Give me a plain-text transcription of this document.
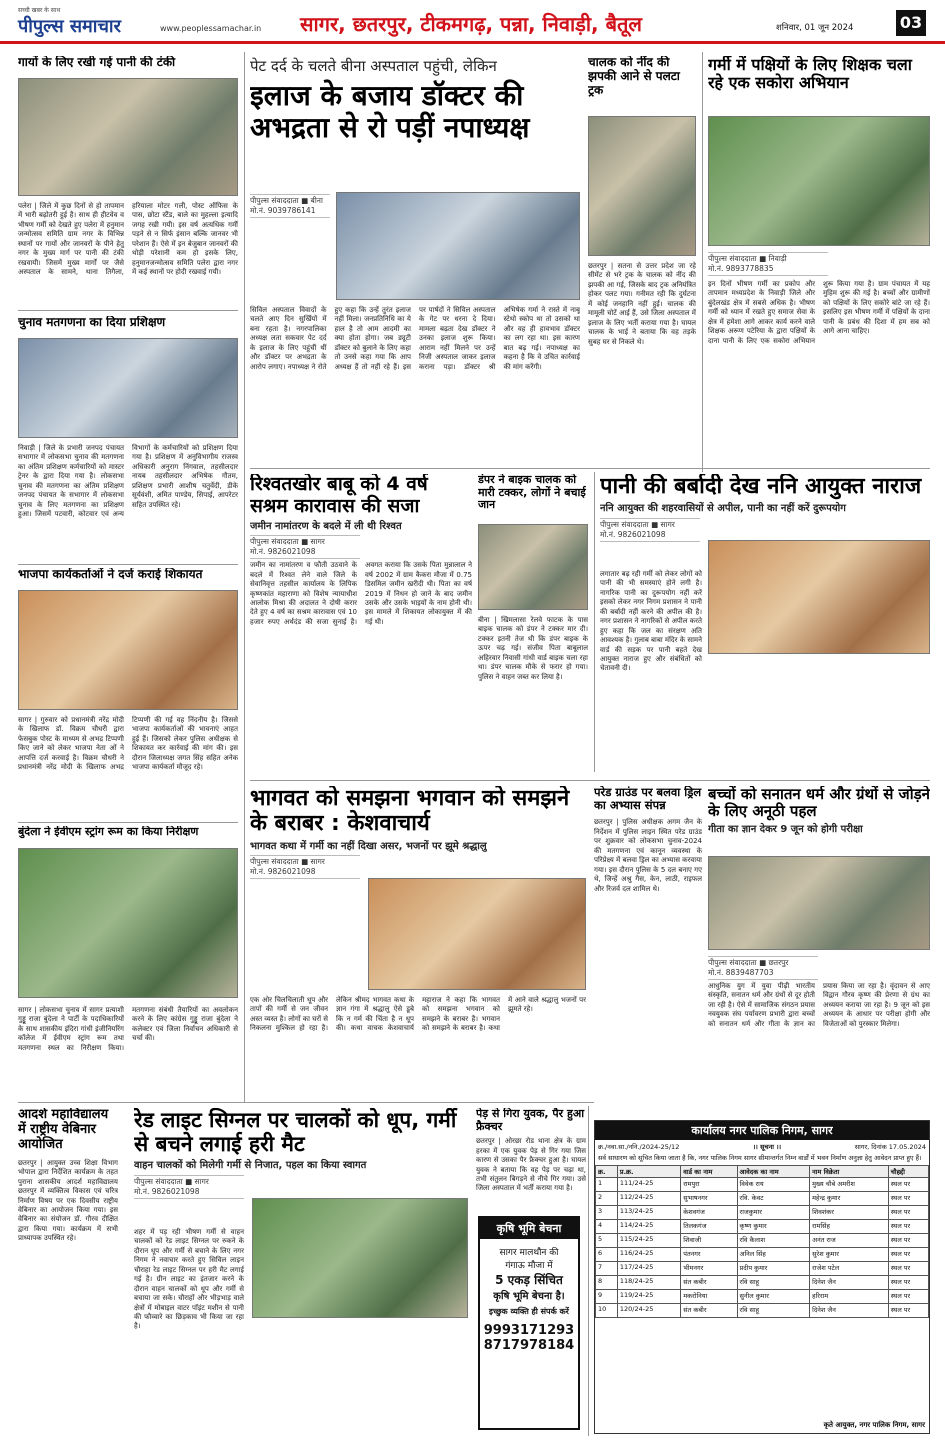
सच्ची खबर के साथ
पीपुल्स समाचार	www.peoplessamachar.in सागर, छतरपुर, टीकमगढ़, पन्ना, निवाड़ी, बैतूल	शनिवार, 01 जून 2024	03
गायों के लिए रखी गई पानी की टंकी
पलेरा | जिले में कुछ दिनों से हो तापमान में भारी बढ़ोतरी हुई है। साथ ही हीटवेव व भीषण गर्मी को देखते हुए पलेरा में हनुमान जन्मोत्सव समिति ग्राम नगर के विभिन्न स्थानों पर गायों और जानवरों के पीने हेतु नगर के मुख्य मार्ग पर पानी की टंकी रखवायी। जिसमें मुख्य मार्गों पर जैसे अस्पताल के सामने, थाना तिगैला, हरियाला मोटर गली, पोस्ट ऑफिस के पास, छोटा स्टैंड, बाले का मुहल्ला इत्यादि जगह रखी गयी। इस वर्ष अत्यधिक गर्मी पड़ने से न सिर्फ इंसान बल्कि जानवर भी परेशान हैं। ऐसे में इन बेजुबान जानवरों की थोड़ी परेशानी कम हो इसके लिए, हनुमानजन्मोत्सव समिति पलेरा द्वारा नगर में कई स्थानों पर होदी रखवाई गयी।
चुनाव मतगणना का दिया प्रशिक्षण
निवाड़ी | जिले के प्रभारी जनपद पंचायत सभागार में लोकसभा चुनाव की मतगणना का अंतिम प्रशिक्षण कर्मचारियों को मास्टर ट्रेनर के द्वारा दिया गया है। लोकसभा चुनाव की मतगणना का अंतिम प्रशिक्षण जनपद पंचायत के सभागार में लोकसभा चुनाव के लिए मतगणना का प्रशिक्षण हुआ। जिसमें पटवारी, कोटवार एवं अन्य विभागों के कर्मचारियों को प्रशिक्षण दिया गया है। प्रशिक्षण में अनुविभागीय राजस्व अधिकारी अनुराग निंगवाल, तहसीलदार नायब तहसीलदार अभिषेक गौतम, प्रशिक्षण प्रभारी आशीष चतुर्वेदी, डीके सूर्यवंशी, अमित पाण्डेय, सिपाई, आपरेटर सहित उपस्थित रहे।
भाजपा कार्यकर्ताओं ने दर्ज कराई शिकायत
सागर | गुरुवार को प्रधानमंत्री नरेंद्र मोदी के खिलाफ डॉ. विक्रम चौधरी द्वारा फेसबुक पोस्ट के माध्यम से अभद्र टिप्पणी किए जाने को लेकर भाजपा नेता ओं ने आपत्ति दर्ज करवाई है। विक्रम चौधरी ने प्रधानमंत्री नरेंद्र मोदी के खिलाफ अभद्र टिप्पणी की गई वह निंदनीय है। जिससे भाजपा कार्यकर्ताओं की भावनाएं आहत हुई हैं। जिसको लेकर पुलिस अधीक्षक से शिकायत कर कार्रवाई की मांग की। इस दौरान जिलाध्यक्ष जगत सिंह सहित अनेक भाजपा कार्यकर्ता मौजूद रहे।
बुंदेला ने ईवीएम स्ट्रांग रूम का किया निरीक्षण
सागर | लोकसभा चुनाव में सागर प्रत्याशी गुड्डू राजा बुंदेला ने पार्टी के पदाधिकारियों के साथ शासकीय इंदिरा गांधी इंजीनियरिंग कॉलेज में ईवीएम स्ट्रांग रूम तथा मतगणना स्थल का निरीक्षण किया। मतगणना संबंधी तैयारियों का अवलोकन करने के लिए कांग्रेस गुड्डू राजा बुंदेला ने कलेक्टर एवं जिला निर्वाचन अधिकारी से चर्चा की।
आदर्श महाविद्यालय में राष्ट्रीय वेबिनार आयोजित
छतरपुर | आयुक्त उच्च शिक्षा विभाग भोपाल द्वारा निर्देशित कार्यक्रम के तहत पुराना शासकीय आदर्श महाविद्यालय छतरपुर में व्यक्तित्व विकास एवं चरित्र निर्माण विषय पर एक दिवसीय राष्ट्रीय वेबिनार का आयोजन किया गया। इस वेबिनार का संयोजन डॉ. गौरव दीक्षित द्वारा किया गया। कार्यक्रम में सभी प्राध्यापक उपस्थित रहे।
पेट दर्द के चलते बीना अस्पताल पहुंची, लेकिन
इलाज के बजाय डॉक्टर की अभद्रता से रो पड़ीं नपाध्यक्ष
पीपुल्स संवाददाता ■ बीना
मो.नं. 9039786141
सिविल अस्पताल विवादों के चलते आए दिन सुर्खियों में बना रहता है। नगरपालिका अध्यक्ष लता सकवार पेट दर्द के इलाज के लिए पहुंचीं थीं और डॉक्टर पर अभद्रता के आरोप लगाए। नपाध्यक्ष ने रोते हुए कहा कि उन्हें तुरंत इलाज नहीं मिला। जनप्रतिनिधि का ये हाल है तो आम आदमी का क्या होता होगा। जब ड्यूटी डॉक्टर को बुलाने के लिए कहा तो उनसे कहा गया कि आप अध्यक्ष हैं तो नहीं रहे हैं। इस पर पार्षदों ने सिविल अस्पताल के गेट पर धरना दे दिया। मामला बढ़ता देख डॉक्टर ने उनका इलाज शुरू किया। आराम नहीं मिलने पर उन्हें निजी अस्पताल जाकर इलाज कराना पड़ा। डॉक्टर श्री अभिषेक गर्मा ने रास्ते में नाबू स्टेथो स्कोप था तो उसको था और वह ही हावभाव डॉक्टर का लग रहा था। इस कारण बात बढ़ गई। नपाध्यक्ष का कहना है कि वे उचित कार्रवाई की मांग करेंगी।
चालक को नींद की झपकी आने से पलटा ट्रक
छतरपुर | सतना से उत्तर प्रदेश जा रहे सीमेंट से भरे ट्रक के चालक को नींद की झपकी आ गई, जिसके बाद ट्रक अनियंत्रित होकर पलट गया। गनीमत रही कि दुर्घटना में कोई जनहानि नहीं हुई। चालक की मामूली चोटें आई हैं, उसे जिला अस्पताल में इलाज के लिए भर्ती कराया गया है। घायल चालक के भाई ने बताया कि वह तड़के सुबह घर से निकले थे।
गर्मी में पक्षियों के लिए शिक्षक चला रहे एक सकोरा अभियान
पीपुल्स संवाददाता ■ निवाड़ी
मो.नं. 9893778835
इन दिनों भीषण गर्मी का प्रकोप और तापमान मध्यप्रदेश के निवाड़ी जिले और बुंदेलखंड क्षेत्र में सबसे अधिक है। भीषण गर्मी को ध्यान में रखते हुए समाज सेवा के क्षेत्र में हमेशा आगे आकर कार्य करने वाले शिक्षक अरूण पटेरिया के द्वारा पक्षियों के दाना पानी के लिए एक सकोरा अभियान शुरू किया गया है। ग्राम पंचायत में यह मुहिम शुरू की गई है। बच्चों और ग्रामीणों को पक्षियों के लिए सकोरे बांटे जा रहे हैं। इसलिए इस भीषण गर्मी में पक्षियों के दाना पानी के प्रबंध की दिशा में हम सब को आगे आना चाहिए।
रिश्वतखोर बाबू को 4 वर्ष सश्रम कारावास की सजा
जमीन नामांतरण के बदले में ली थी रिश्वत
पीपुल्स संवाददाता ■ सागर
मो.नं. 9826021098
जमीन का नामांतरण व फौती उठवाने के बदले में रिश्वत लेने वाले जिले के सेवानिवृत्त तहसील कार्यालय के लिपिक कृष्णकांत महाराणा को विशेष न्यायाधीश आलोक मिश्रा की अदालत ने दोषी करार देते हुए 4 वर्ष का सश्रम कारावास एवं 10 हजार रुपए अर्थदंड की सजा सुनाई है। अवगत कराया कि उसके पिता मुन्नालाल ने वर्ष 2002 में ग्राम कैकरा मौजा में 0.75 डिसमिल जमीन खरीदी थी। पिता का वर्ष 2019 में निधन हो जाने के बाद जमीन उसके और उसके भाइयों के नाम होनी थी। इस मामले में शिकायत लोकायुक्त में की गई थी।
डंपर ने बाइक चालक को मारी टक्कर, लोगों ने बचाई जान
बीना | खिमलासा रेलवे फाटक के पास बाइक चालक को डंपर ने टक्कर मार दी। टक्कर इतनी तेज थी कि डंपर बाइक के ऊपर चढ़ गई। संजीव पिता बाबूलाल अहिरवार निवासी गांधी वार्ड बाइक चला रहा था। डंपर चालक मौके से फरार हो गया। पुलिस ने वाहन जब्त कर लिया है।
पानी की बर्बादी देख ननि आयुक्त नाराज
ननि आयुक्त की शहरवासियों से अपील, पानी का नहीं करें दुरूपयोग
पीपुल्स संवाददाता ■ सागर
मो.नं. 9826021098
लगातार बढ़ रही गर्मी को लेकर लोगों को पानी की भी समस्याएं होने लगी है। नागरिक पानी का दुरूपयोग नहीं करें इसको लेकर नगर निगम प्रशासन ने पानी की बर्बादी नहीं करने की अपील की है। नगर प्रशासन ने नागरिकों से अपील करते हुए कहा कि जल का संरक्षण अति आवश्यक है। गुलाब बाबा मंदिर के सामने वार्ड की सड़क पर पानी बहते देख आयुक्त नाराज हुए और संबंधितों को चेतावनी दी।
भागवत को समझना भगवान को समझने के बराबर : केशवाचार्य
भागवत कथा में गर्मी का नहीं दिखा असर, भजनों पर झूमे श्रद्धालु
पीपुल्स संवाददाता ■ सागर
मो.नं. 9826021098
एक ओर चिलचिलाती धूप और तापों की गर्मी से जन जीवन अस्त व्यस्त है। लोगों का घरों से निकलना मुश्किल हो रहा है। लेकिन श्रीमद भागवत कथा के ज्ञान गंगा में श्रद्धालु ऐसे डूबे कि न गर्म की चिंता है न धूप की। कथा वाचक केशवाचार्य महाराज ने कहा कि भागवत को समझना भगवान को समझने के बराबर है। भगवान को समझने के बराबर है। कथा में आने वाले श्रद्धालु भजनों पर झूमते रहे।
परेड ग्राउंड पर बलवा ड्रिल का अभ्यास संपन्न
छतरपुर | पुलिस अधीक्षक अगम जैन के निर्देशन में पुलिस लाइन स्थित परेड ग्राउंड पर शुक्रवार को लोकसभा चुनाव-2024 की मतगणना एवं कानून व्यवस्था के परिप्रेक्ष्य में बलवा ड्रिल का अभ्यास करवाया गया। इस दौरान पुलिस के 5 दल बनाए गए थे, जिन्हें अश्रु गैस, केन, लाठी, राइफल और रिजर्व दल शामिल थे।
बच्चों को सनातन धर्म और ग्रंथों से जोड़ने के लिए अनूठी पहल
गीता का ज्ञान देकर 9 जून को होगी परीक्षा
पीपुल्स संवाददाता ■ छतरपुर
मो.नं. 8839487703
आधुनिक युग में युवा पीढ़ी भारतीय संस्कृति, सनातन धर्म और ग्रंथों से दूर होती जा रही है। ऐसे में सामाजिक संगठन प्रयास नवयुवक संघ पर्यावरण प्रभारी द्वारा बच्चों को सनातन धर्म और गीता के ज्ञान का प्रयास किया जा रहा है। वृंदावन से आए विद्वान गौरव कृष्ण की प्रेरणा से ग्रंथ का अध्ययन कराया जा रहा है। 9 जून को इस अध्ययन के आधार पर परीक्षा होगी और विजेताओं को पुरस्कार मिलेगा।
रेड लाइट सिग्नल पर चालकों को धूप, गर्मी से बचने लगाई हरी मैट
वाहन चालकों को मिलेगी गर्मी से निजात, पहल का किया स्वागत
पीपुल्स संवाददाता ■ सागर
मो.नं. 9826021098
शहर में पड़ रही भीषण गर्मी से वाहन चालकों को रेड लाइट सिग्नल पर रुकने के दौरान धूप और गर्मी से बचाने के लिए नगर निगम ने नवाचार करते हुए सिविल लाइन चौराहा रेड लाइट सिग्नल पर हरी मैट लगाई गई है। ग्रीन लाइट का इंतजार करने के दौरान वाहन चालकों को धूप और गर्मी से बचाया जा सके। चौराहों और भीड़भाड़ वाले क्षेत्रों में मोबाइल वाटर पाॅइंट मशीन से पानी की फौव्वारे का छिड़काव भी किया जा रहा है।
पेड़ से गिरा युवक, पैर हुआ फ्रैक्चर
छतरपुर | ओरछा रोड थाना क्षेत्र के ग्राम हरका में एक युवक पेड़ से गिर गया जिस कारण से उसका पैर फ्रैक्चर हुआ है। घायल युवक ने बताया कि वह पेड़ पर चढ़ा था, तभी संतुलन बिगड़ने से नीचे गिर गया। उसे जिला अस्पताल में भर्ती कराया गया है।
कृषि भूमि बेचना
सागर मालथौन की
गंगाऊ मौजा में
5 एकड़ सिंचित
कृषि भूमि बेचना है।
इच्छुक व्यक्ति ही संपर्क करें
9993171293
8717978184
कार्यालय नगर पालिक निगम, सागर
क्र./नवा.सा./ननि./2024-25/12	।। सूचना ।।	सागर, दिनांक 17.05.2024
सर्व साधारण को सूचित किया जाता है कि, नगर पालिक निगम सागर सीमान्तर्गत निम्न वार्डों में भवन निर्माण अनुज्ञा हेतु आवेदन प्राप्त हुए हैं।
क्र.	प्र.क्र.	वार्ड का नाम	आवेदक का नाम	नाम विक्रेता	चौहद्दी
1	111/24-25	रामपुरा	विवेक राय	मुख्य चौबे अमरीश	स्थल पर
2	112/24-25	सुभाषनगर	रवि. केवट	महेन्द्र कुमार	स्थल पर
3	113/24-25	केशवगंज	राजकुमार	शिवशंकर	स्थल पर
4	114/24-25	तिलकगंज	कृष्ण कुमार	रामसिंह	स्थल पर
5	115/24-25	शिवाजी	रवि कैलाश	अनंत राज	स्थल पर
6	116/24-25	पंतनगर	अनिल सिंह	सुरेश कुमार	स्थल पर
7	117/24-25	भीमनगर	प्रदीप कुमार	राजेश पटेल	स्थल पर
8	118/24-25	संत कबीर	रवि साहू	दिनेश जैन	स्थल पर
9	119/24-25	मकरोनिया	सुनील कुमार	हरिराम	स्थल पर
10	120/24-25	संत कबीर	रवि साहू	दिनेश जैन	स्थल पर
कृते आयुक्त, नगर पालिक निगम, सागर
